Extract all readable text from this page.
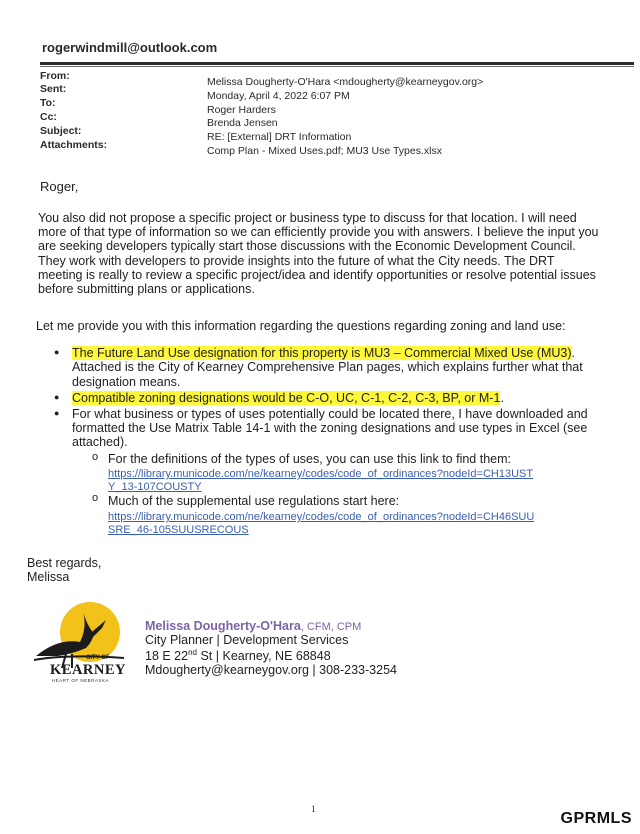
rogerwindmill@outlook.com
From:	Melissa Dougherty-O'Hara <mdougherty@kearneygov.org>
Sent:
Monday, April 4, 2022 6:07 PM
To:
Roger Harders
Cc:	Brenda Jensen
Subject:	RE: [External] DRT Information
Attachments:	Comp Plan - Mixed Uses.pdf; MU3 Use Types.xlsx
Roger,
You also did not propose a specific project or business type to discuss for that location. I will need
more of that type of information so we can efficiently provide you with answers. I believe the input you
are seeking developers typically start those discussions with the Economic Development Council.
They work with developers to provide insights into the future of what the City needs. The DRT
meeting is really to review a specific project/idea and identify opportunities or resolve potential issues
before submitting plans or applications.
Let me provide you with this information regarding the questions regarding zoning and land use:
● The Future Land Use designation for this property is MU3 – Commercial Mixed Use (MU3).
Attached is the City of Kearney Comprehensive Plan pages, which explains further what that
designation means.
● Compatible zoning designations would be C-O, UC, C-1, C-2, C-3, BP, or M-1.
● For what business or types of uses potentially could be located there, I have downloaded and
formatted the Use Matrix Table 14-1 with the zoning designations and use types in Excel (see
attached).
o For the definitions of the types of uses, you can use this link to find them:
https://library.municode.com/ne/kearney/codes/code_of_ordinances?nodeId=CH13UST
Y_13-107COUSTY
o Much of the supplemental use regulations start here:
https://library.municode.com/ne/kearney/codes/code_of_ordinances?nodeId=CH46SUU
SRE_46-105SUUSRECOUS
Best regards,
Melissa
CITY OF
KEARNEY
HEART OF NEBRASKA
Melissa Dougherty-O'Hara, CFM, CPM
City Planner | Development Services
18 E 22nd St | Kearney, NE 68848
Mdougherty@kearneygov.org | 308-233-3254
1
GPRMLS
